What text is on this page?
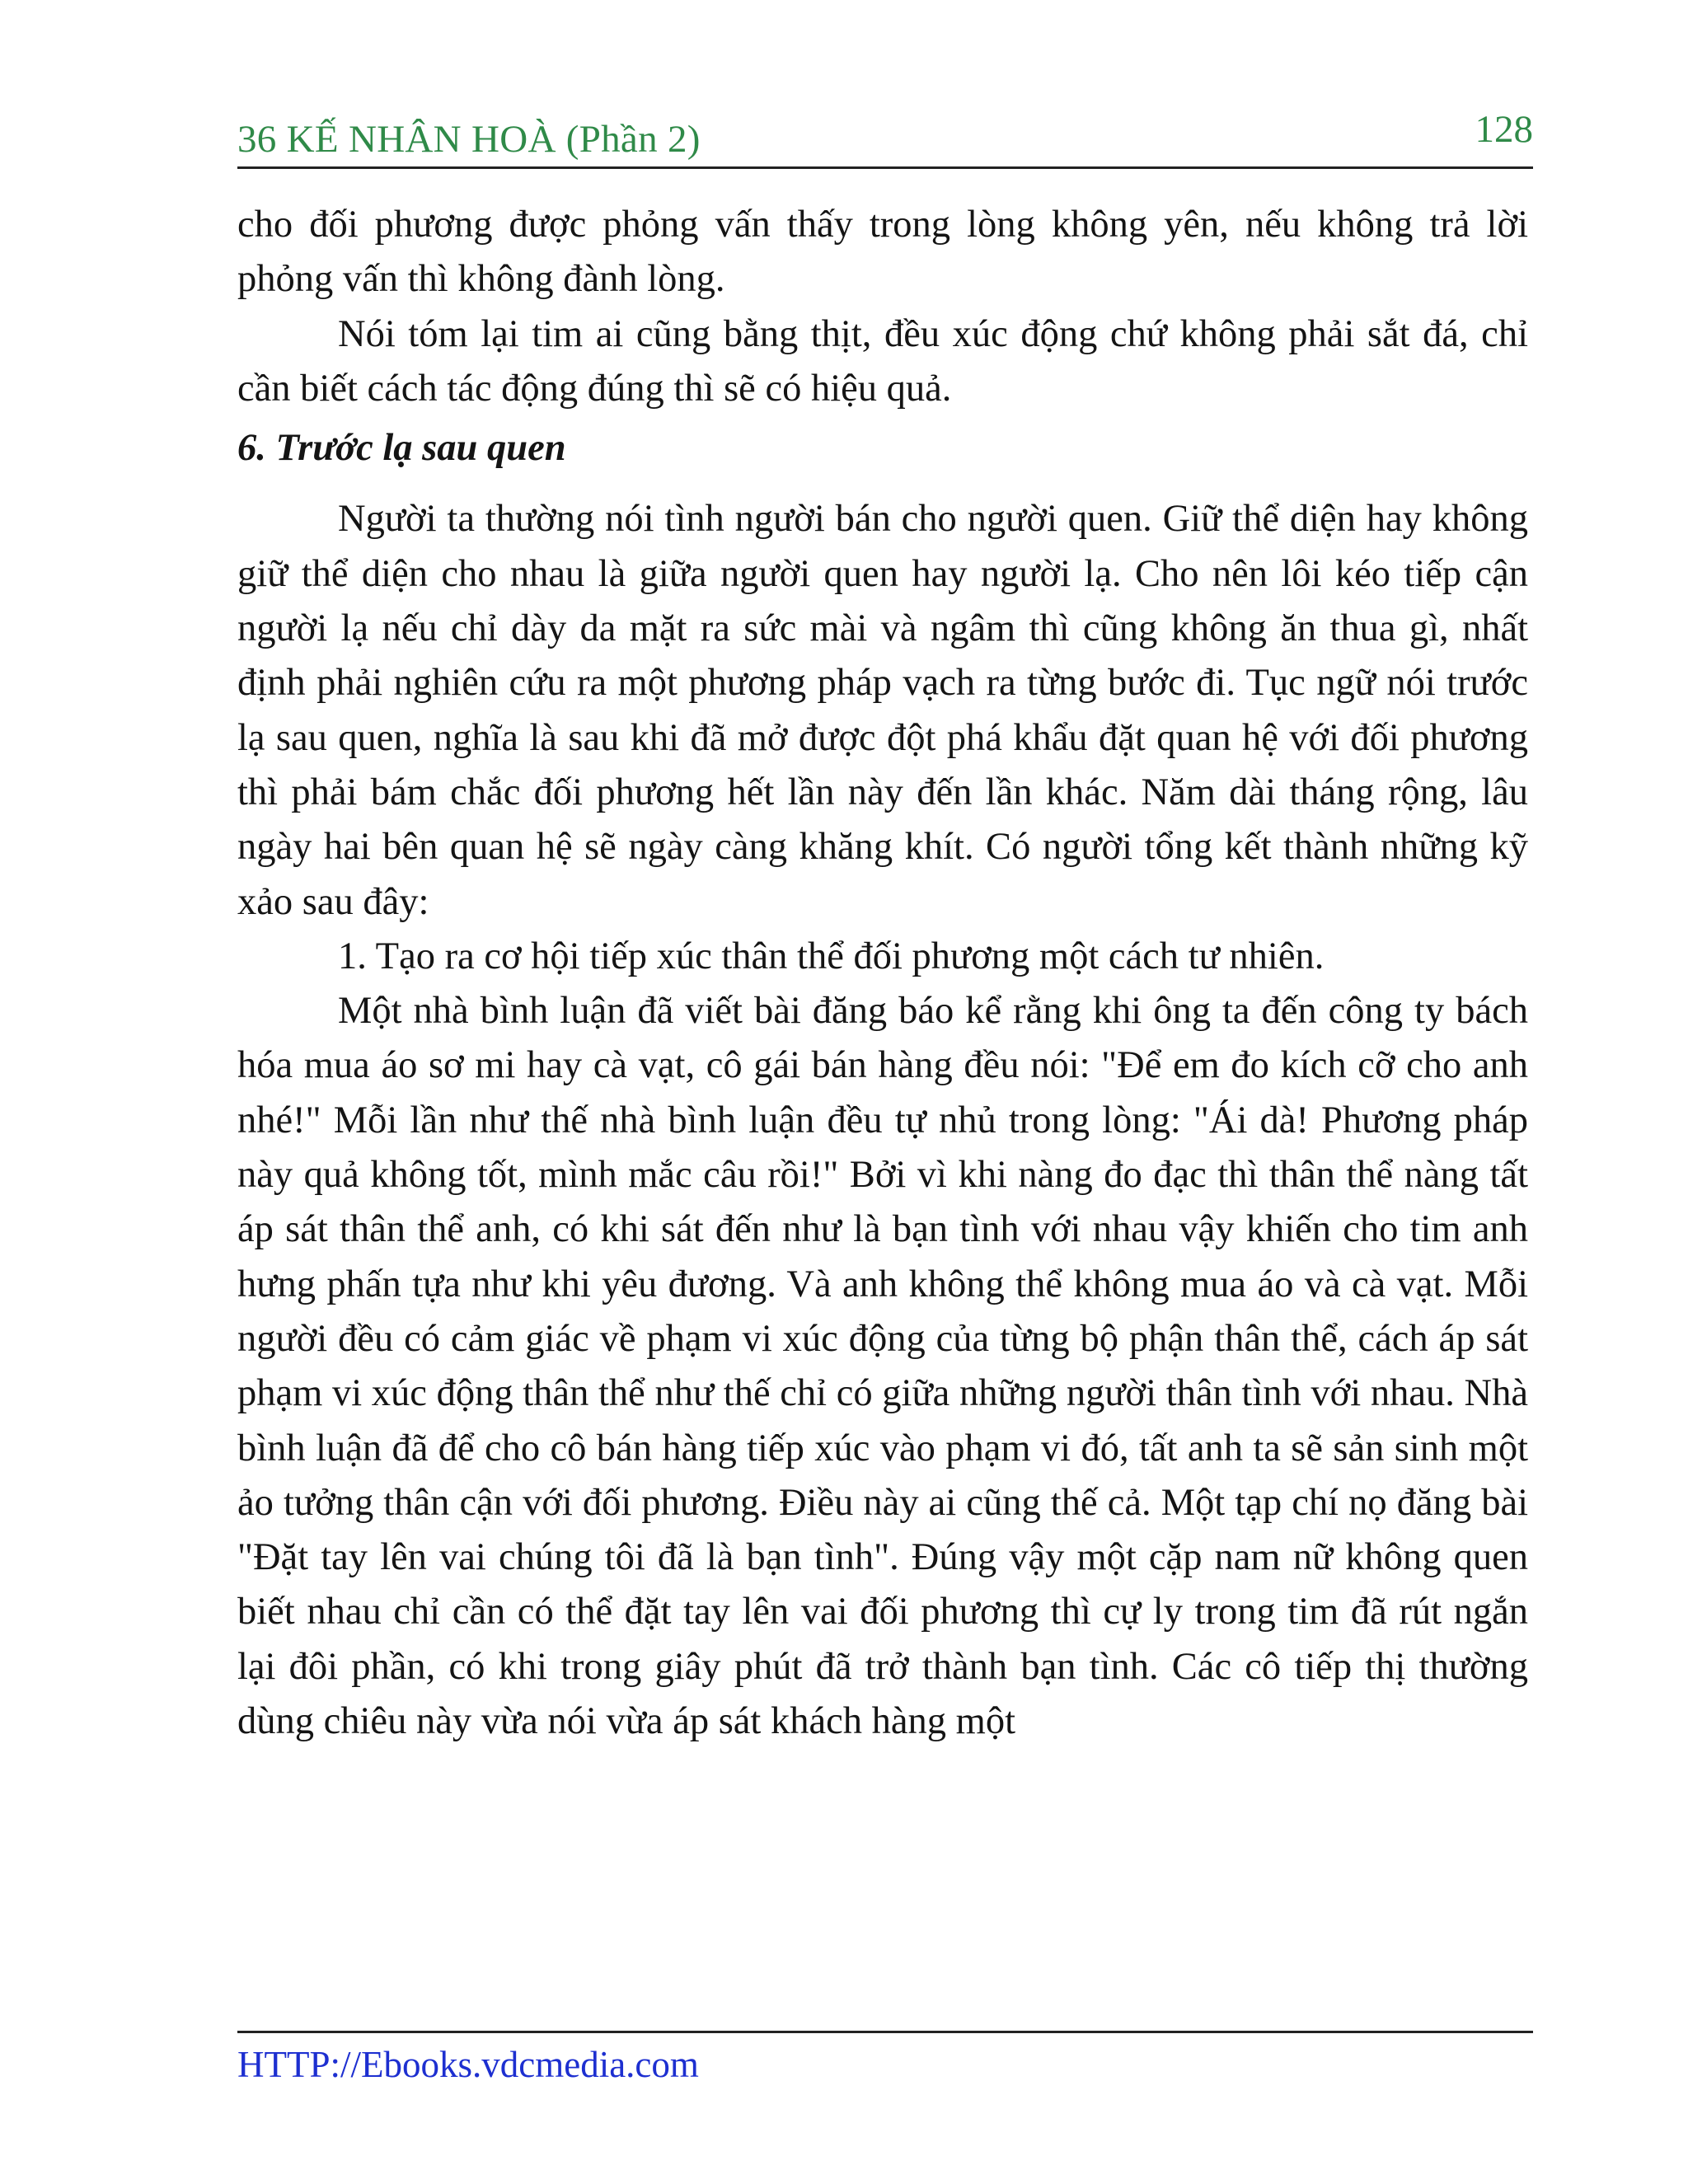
36 KẾ NHÂN HOÀ (Phần 2)	128

cho đối phương được phỏng vấn thấy trong lòng không yên, nếu không trả lời phỏng vấn thì không đành lòng.

Nói tóm lại tim ai cũng bằng thịt, đều xúc động chứ không phải sắt đá, chỉ cần biết cách tác động đúng thì sẽ có hiệu quả.

6. Trước lạ sau quen

Người ta thường nói tình người bán cho người quen. Giữ thể diện hay không giữ thể diện cho nhau là giữa người quen hay người lạ. Cho nên lôi kéo tiếp cận người lạ nếu chỉ dày da mặt ra sức mài và ngâm thì cũng không ăn thua gì, nhất định phải nghiên cứu ra một phương pháp vạch ra từng bước đi. Tục ngữ nói trước lạ sau quen, nghĩa là sau khi đã mở được đột phá khẩu đặt quan hệ với đối phương thì phải bám chắc đối phương hết lần này đến lần khác. Năm dài tháng rộng, lâu ngày hai bên quan hệ sẽ ngày càng khăng khít. Có người tổng kết thành những kỹ xảo sau đây:

1. Tạo ra cơ hội tiếp xúc thân thể đối phương một cách tư nhiên.

Một nhà bình luận đã viết bài đăng báo kể rằng khi ông ta đến công ty bách hóa mua áo sơ mi hay cà vạt, cô gái bán hàng đều nói: "Để em đo kích cỡ cho anh nhé!" Mỗi lần như thế nhà bình luận đều tự nhủ trong lòng: "Ái dà! Phương pháp này quả không tốt, mình mắc câu rồi!" Bởi vì khi nàng đo đạc thì thân thể nàng tất áp sát thân thể anh, có khi sát đến như là bạn tình với nhau vậy khiến cho tim anh hưng phấn tựa như khi yêu đương. Và anh không thể không mua áo và cà vạt. Mỗi người đều có cảm giác về phạm vi xúc động của từng bộ phận thân thể, cách áp sát phạm vi xúc động thân thể như thế chỉ có giữa những người thân tình với nhau. Nhà bình luận đã để cho cô bán hàng tiếp xúc vào phạm vi đó, tất anh ta sẽ sản sinh một ảo tưởng thân cận với đối phương. Điều này ai cũng thế cả. Một tạp chí nọ đăng bài "Đặt tay lên vai chúng tôi đã là bạn tình". Đúng vậy một cặp nam nữ không quen biết nhau chỉ cần có thể đặt tay lên vai đối phương thì cự ly trong tim đã rút ngắn lại đôi phần, có khi trong giây phút đã trở thành bạn tình. Các cô tiếp thị thường dùng chiêu này vừa nói vừa áp sát khách hàng một

HTTP://Ebooks.vdcmedia.com
